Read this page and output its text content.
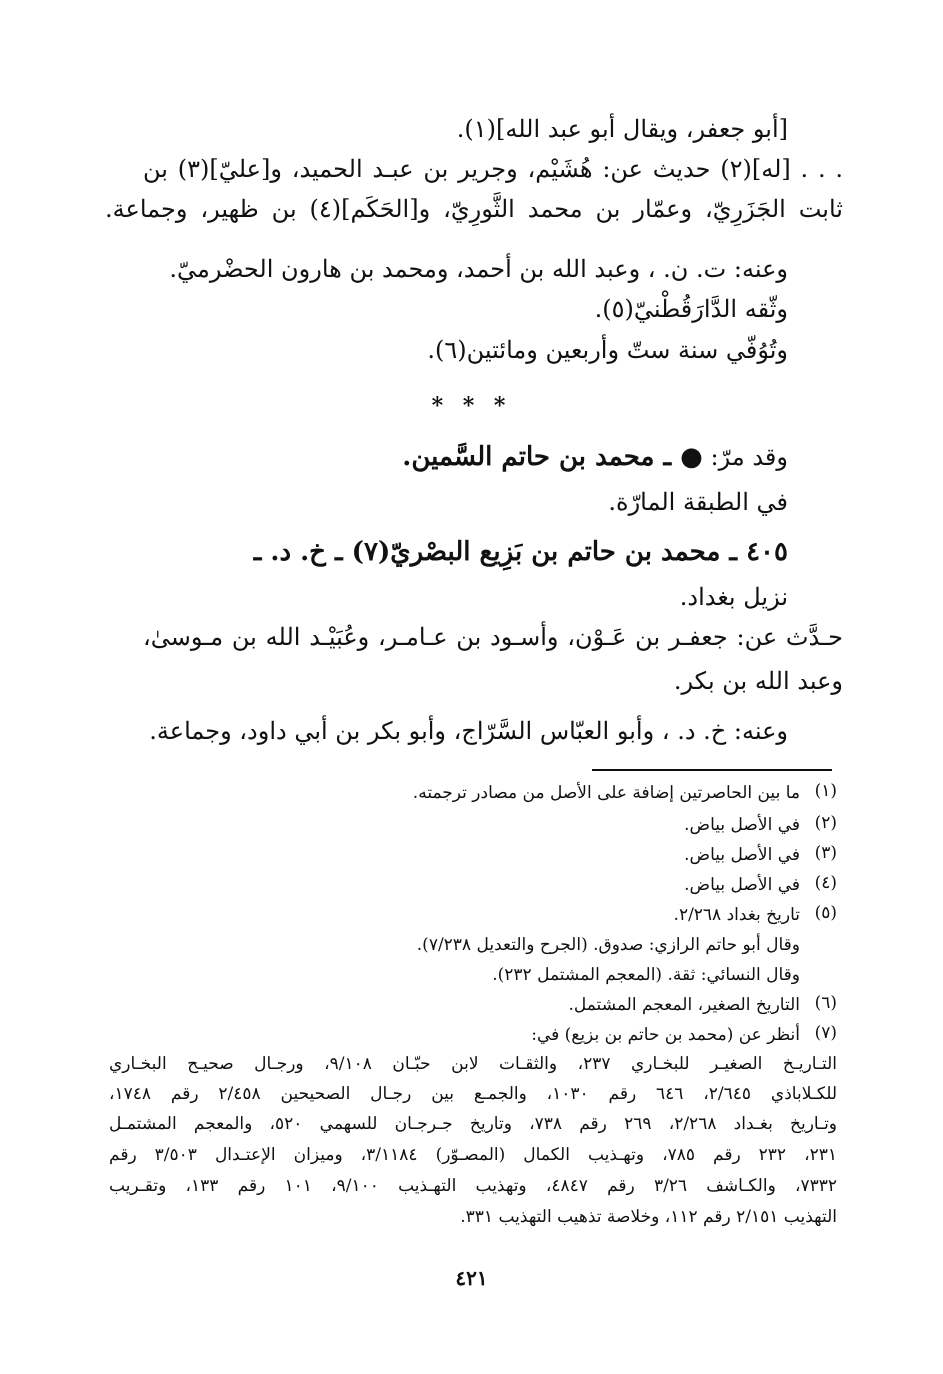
[أبو جعفر، ويقال أبو عبد الله](١).
. . . [له](٢) حديث عن: هُشَيْم، وجرير بن عبـد الحميد، و[عليّ](٣) بن
ثابت الجَزَرِيّ، وعمّار بن محمد الثَّورِيّ، و[الحَكَم](٤) بن ظهير، وجماعة.
وعنه: ت. ن. ، وعبد الله بن أحمد، ومحمد بن هارون الحضْرميّ.
وثّقه الدَّارَقُطْنيّ(٥).
وتُوُفّي سنة ستّ وأربعين ومائتين(٦).
* * *
وقد مرّ: ● ـ محمد بن حاتم السَّمين.
في الطبقة المارّة.
٤٠٥ ـ محمد بن حاتم بن بَزِيع البصْريّ(٧) ـ خ. د. ـ
نزيل بغداد.
حـدَّث عن: جعفـر بن عَـوْن، وأسـود بن عـامـر، وعُبَيْـد الله بن مـوسىٰ،
وعبد الله بن بكر.
وعنه: خ. د. ، وأبو العبّاس السَّرّاج، وأبو بكر بن أبي داود، وجماعة.
(١)
ما بين الحاصرتين إضافة على الأصل من مصادر ترجمته.
(٢)
في الأصل بياض.
(٣)
في الأصل بياض.
(٤)
في الأصل بياض.
(٥)
تاريخ بغداد ٢/٢٦٨.
وقال أبو حاتم الرازي: صدوق. (الجرح والتعديل ٧/٢٣٨).
وقال النسائي: ثقة. (المعجم المشتمل ٢٣٢).
(٦)
التاريخ الصغير، المعجم المشتمل.
(٧)
أنظر عن (محمد بن حاتم بن بزيع) في:
التـاريـخ الصغيـر للبخـاري ٢٣٧، والثقـات لابن حبّـان ٩/١٠٨، ورجـال صحيـح البخـاري
للكـلاباذي ٢/٦٤٥، ٦٤٦ رقم ١٠٣٠، والجمـع بين رجـال الصحيحين ٢/٤٥٨ رقم ١٧٤٨،
وتـاريخ بغـداد ٢/٢٦٨، ٢٦٩ رقم ٧٣٨، وتاريخ جـرجـان للسهمي ٥٢٠، والمعجم المشتمـل
٢٣١، ٢٣٢ رقم ٧٨٥، وتهـذيب الكمال (المصـوّر) ٣/١١٨٤، وميزان الإعتـدال ٣/٥٠٣ رقم
٧٣٣٢، والكـاشف ٣/٢٦ رقم ٤٨٤٧، وتهذيب التهـذيب ٩/١٠٠، ١٠١ رقم ١٣٣، وتقـريب
التهذيب ٢/١٥١ رقم ١١٢، وخلاصة تذهيب التهذيب ٣٣١.
٤٢١
